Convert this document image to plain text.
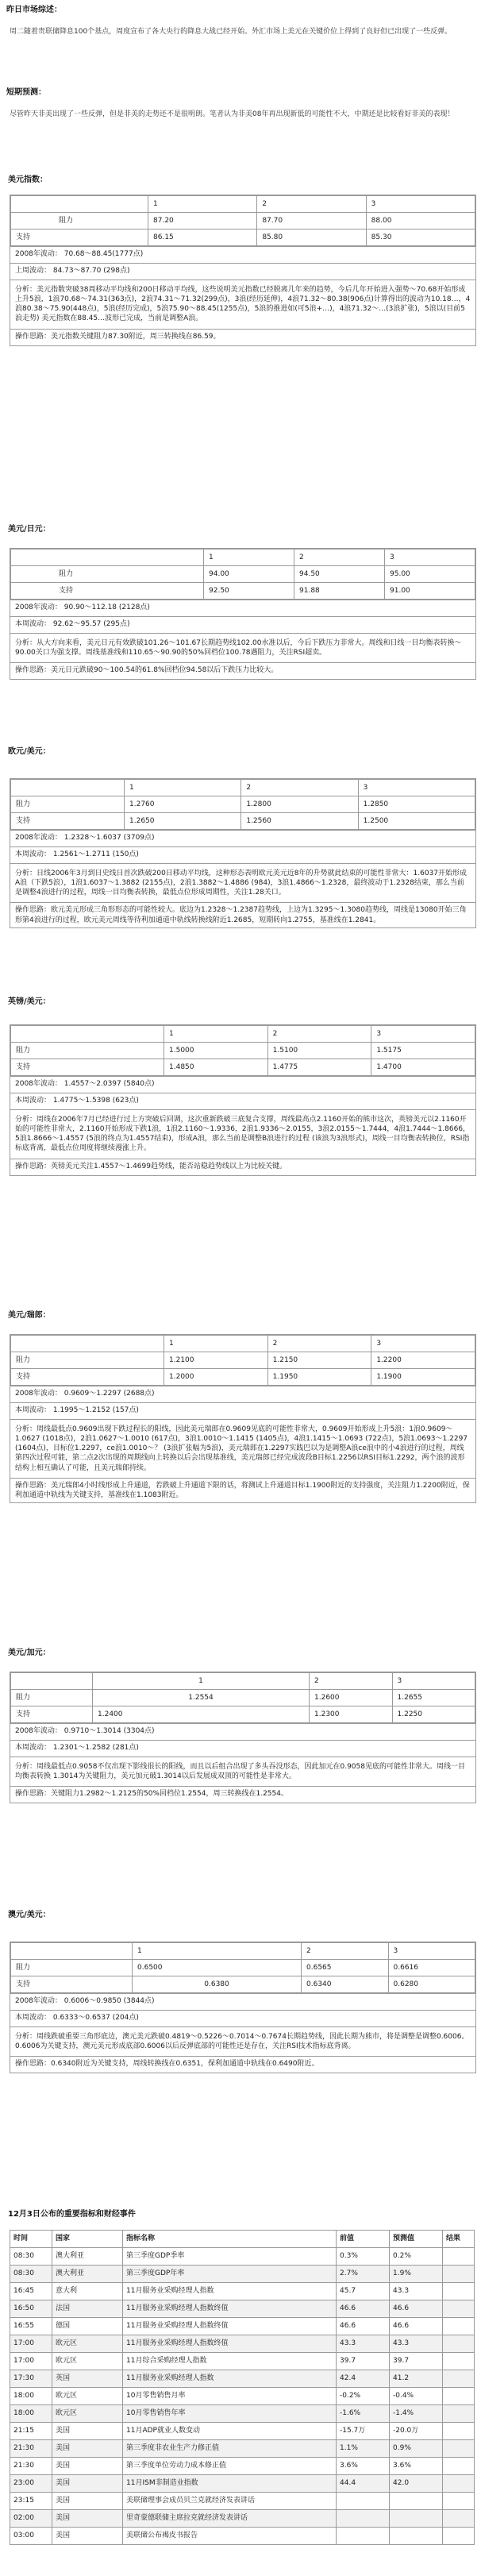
昨日市场综述：

周二随着贵联储降息100个基点，周度宣布了各大央行的降息大战已经开始。外汇市场上美元在关键价位上得到了良好但已出现了一些反弹。

短期预测：

尽管昨天非美出现了一些反弹，但是非美的走势还不是很明朗。笔者认为非美08年再出现新低的可能性不大，中期还是比较看好非美的表现！

美元指数：

	1	2	3
阻力	87.20	87.70	88.00
支持	86.15	85.80	85.30
2008年波动： 70.68～88.45(1777点)
上周波动： 84.73～87.70 (298点)
分析：美元指数突破38周移动平均线和200日移动平均线，这些说明美元指数已经脱离几年来的趋势，今后几年开始进入强势～70.68开始形成上升5浪，1浪70.68～74.31(363点)，2浪74.31～71.32(299点)，3浪(经历延伸)，4浪71.32～80.38(906点)计算得出的波动为10.18…，4浪80.38～75.90(448点)，5浪(经历完成)，5浪75.90～88.45(1255点)，5浪的推进如(可5浪+…)，4浪71.32～…(3浪扩张)，5浪以(目前5浪走势) 美元指数在88.45…波形已完成，当前是调整A浪。
操作思路：美元指数关键阻力87.30附近，周三转换线在86.59。

美元/日元：

	1	2	3
阻力	94.00	94.50	95.00
支持	92.50	91.88	91.00
2008年波动： 90.90～112.18 (2128点)
本周波动： 92.62～95.57 (295点)
分析：从大方向来看，美元日元有效跌破101.26～101.67长期趋势线102.00水准以后，今后下跌压力非常大。周线和日线一目均衡表转换～90.00关口为强支撑。周线基准线和110.65～90.90的50%回档位100.78遇阻力，关注RSI超卖。
操作思路：美元日元跌破90～100.54的61.8%回档位94.58以后下跌压力比较大。

欧元/美元：

	1	2	3
阻力	1.2760	1.2800	1.2850
支持	1.2650	1.2560	1.2500
2008年波动： 1.2328～1.6037 (3709点)
本周波动： 1.2561～1.2711 (150点)
分析：日线2006年3月到日史线日首次跌破200日移动平均线，这种形态表明欧元美元近8年的升势就此结束的可能性非常大：1.6037开始形成A浪（下跌5浪），1浪1.6037～1.3882 (2155点)，2浪1.3882～1.4886 (984)，3浪1.4866～1.2328，最终波动于1.2328结束，那么当前是调整4浪进行的过程，周线一目均衡表转换，最低点位形成周期性，关注1.28关口。
操作思路：欧元美元形成三角形形态的可能性较大。底边为1.2328～1.2387趋势线，上边为1.3295～1.3080趋势线，周线是13080开始三角形第4浪进行的过程，欧元美元周线等待利加通道中轨线转换线附近1.2685，短期转向1.2755，基准线在1.2841。

英镑/美元：

	1	2	3
阻力	1.5000	1.5100	1.5175
支持	1.4850	1.4775	1.4700
2008年波动： 1.4557～2.0397 (5840点)
本周波动： 1.4775～1.5398 (623点)
分析：周线在2006年7月已经进行过上方突破后回调，这次重新跌破三底复合支撑，周线最高点2.1160开始的熊市这次，英镑美元以2.1160开始的可能性非常大，2.1160开始形成下跌1浪，1浪2.1160～1.9336，2浪1.9336～2.0155，3浪2.0155～1.7444，4浪1.7444～1.8666，5浪1.8666～1.4557 (5浪的终点为1.4557结束)，形成A浪，那么当前是调整B浪进行的过程 (该浪为3浪形式)，周线一目均衡表转换位，RSI指标底背离，最低点位周度将继续漫涨上升。
操作思路：英镑美元关注1.4557～1.4699趋势线，能否站稳趋势线以上为比较关键。

美元/瑞郎：

	1	2	3
阻力	1.2100	1.2150	1.2200
支持	1.2000	1.1950	1.1900
2008年波动： 0.9609～1.2297 (2688点)
本周波动： 1.1995～1.2152 (157点)
分析：周线最低点0.9609出现下跌过程长的阳线，因此美元瑞郎在0.9609见底的可能性非常大，0.9609开始形成上升5浪：1浪0.9609～1.0627 (1018点)，2浪1.0627～1.0010 (617点)，3浪1.0010～1.1415 (1405点)，4浪1.1415～1.0693 (722点)，5浪1.0693～1.2297 (1604点)，目标位1.2297，ce浪1.0010～？ (3浪扩张幅为5浪)，美元瑞郎在1.2297实践巴以为是调整A浪ce浪中的小4浪进行的过程，周线第四次过程可能，第二点2次出现的周期线向上转换以后会出现基准线，美元瑞郎已经完成波段B目标1.2256以RSI目标1.2292，两个浪的波形结构上相互确认了可能，且美元瑞郎持续。
操作思路：美元瑞郎4小时线形成上升通道，若跌破上升通道下限的话，将测试上升通道目标1.1900附近的支持强度，关注阻力1.2200附近，保利加通道中轨线为关键支持，基准线在1.1083附近。

美元/加元：

	1	2	3
阻力	1.2554	1.2600	1.2655
支持	1.2400	1.2300	1.2250
2008年波动： 0.9710～1.3014 (3304点)
本周波动： 1.2301～1.2582 (281点)
分析：周线最低点0.9058不仅出现下影线很长的阳线，而且以后组合出现了多头吞没形态，因此加元在0.9058见底的可能性非常大。周线一目均衡表转换 1.3014为关键阻力，美元加元破1.3014以后发展成双顶的可能性是非常大。
操作思路：关键阻力1.2982～1.2125的50%回档位1.2554，周三转换线在1.2554。

澳元/美元：

	1	2	3
阻力	0.6500	0.6565	0.6616
支持	0.6380	0.6340	0.6280
2008年波动： 0.6006～0.9850 (3844点)
本周波动： 0.6333～0.6537 (204点)
分析：周线跌破重要三角形底边，澳元美元跌破0.4819～0.5226～0.7014～0.7674长期趋势线，因此长期为熊市，将是调整是调整0.6006。0.6006为关键支持，澳元美元形成底部0.6006以后反弹底部的可能性还是存在，关注RSI技术指标底背离。
操作思路：0.6340附近为关键支持，周线转换线在0.6351，保利加通道中轨线在0.6490附近。

12月3日公布的重要指标和财经事件

时间	国家	指标名称	前值	预测值	结果
08:30	澳大利亚	第三季度GDP季率	0.3%	0.2%	
08:30	澳大利亚	第三季度GDP年率	2.7%	1.9%	
16:45	意大利	11月服务业采购经理人指数	45.7	43.3	
16:50	法国	11月服务业采购经理人指数终值	46.6	46.6	
16:55	德国	11月服务业采购经理人指数终值	46.6	46.6	
17:00	欧元区	11月服务业采购经理人指数终值	43.3	43.3	
17:00	欧元区	11月综合采购经理人指数	39.7	39.7	
17:30	英国	11月服务业采购经理人指数	42.4	41.2	
18:00	欧元区	10月零售销售月率	-0.2%	-0.4%	
18:00	欧元区	10月零售销售年率	-1.6%	-1.4%	
21:15	美国	11月ADP就业人数变动	-15.7万	-20.0万	
21:30	美国	第三季度非农业生产力修正值	1.1%	0.9%	
21:30	美国	第三季度单位劳动力成本修正值	3.6%	3.6%	
23:00	美国	11月ISM非制造业指数	44.4	42.0	
23:15	美国	美联储理事会成员贝兰克就经济发表讲话			
02:00	美国	里奇蒙德联储主席拉克就经济发表讲话			
03:00	美国	美联储公布褐皮书报告			
